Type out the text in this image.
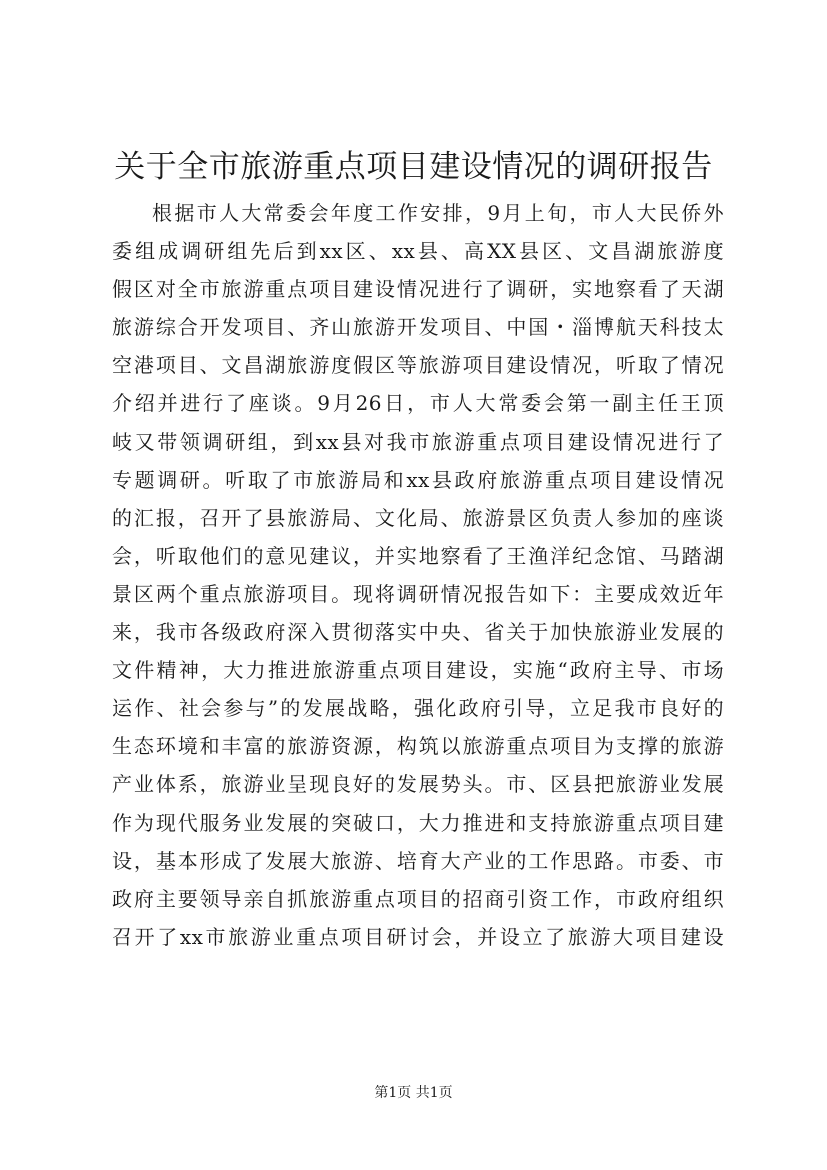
关于全市旅游重点项目建设情况的调研报告
根据市人大常委会年度工作安排，9月上旬，市人大民侨外
委组成调研组先后到xx区、xx县、高XX县区、文昌湖旅游度
假区对全市旅游重点项目建设情况进行了调研，实地察看了天湖
旅游综合开发项目、齐山旅游开发项目、中国・淄博航天科技太
空港项目、文昌湖旅游度假区等旅游项目建设情况，听取了情况
介绍并进行了座谈。9月26日，市人大常委会第一副主任王顶
岐又带领调研组，到xx县对我市旅游重点项目建设情况进行了
专题调研。听取了市旅游局和xx县政府旅游重点项目建设情况
的汇报，召开了县旅游局、文化局、旅游景区负责人参加的座谈
会，听取他们的意见建议，并实地察看了王渔洋纪念馆、马踏湖
景区两个重点旅游项目。现将调研情况报告如下：主要成效近年
来，我市各级政府深入贯彻落实中央、省关于加快旅游业发展的
文件精神，大力推进旅游重点项目建设，实施“政府主导、市场
运作、社会参与”的发展战略，强化政府引导，立足我市良好的
生态环境和丰富的旅游资源，构筑以旅游重点项目为支撑的旅游
产业体系，旅游业呈现良好的发展势头。市、区县把旅游业发展
作为现代服务业发展的突破口，大力推进和支持旅游重点项目建
设，基本形成了发展大旅游、培育大产业的工作思路。市委、市
政府主要领导亲自抓旅游重点项目的招商引资工作，市政府组织
召开了xx市旅游业重点项目研讨会，并设立了旅游大项目建设
第1页 共1页
